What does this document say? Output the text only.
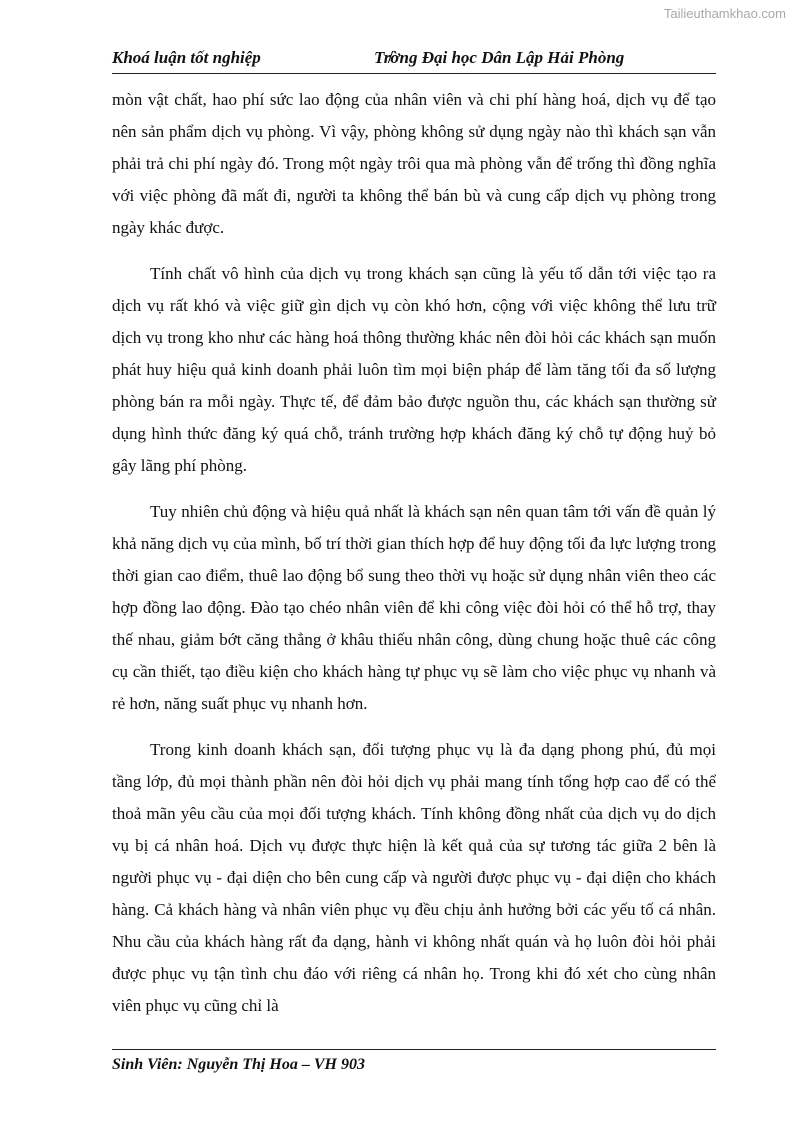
Tailieuthamkhao.com
Khoá luận tốt nghiệp	Tr̸ờng Đại học Dân Lập Hải Phòng

mòn vật chất, hao phí sức lao động của nhân viên và chi phí hàng hoá, dịch vụ để tạo nên sản phẩm dịch vụ phòng. Vì vậy, phòng không sử dụng ngày nào thì khách sạn vẫn phải trả chi phí ngày đó. Trong một ngày trôi qua mà phòng vẫn để trống thì đồng nghĩa với việc phòng đã mất đi, người ta không thể bán bù và cung cấp dịch vụ phòng trong ngày khác được.

Tính chất vô hình của dịch vụ trong khách sạn cũng là yếu tố dẫn tới việc tạo ra dịch vụ rất khó và việc giữ gìn dịch vụ còn khó hơn, cộng với việc không thể lưu trữ dịch vụ trong kho như các hàng hoá thông thường khác nên đòi hỏi các khách sạn muốn phát huy hiệu quả kinh doanh phải luôn tìm mọi biện pháp để làm tăng tối đa số lượng phòng bán ra mỗi ngày. Thực tế, để đảm bảo được nguồn thu, các khách sạn thường sử dụng hình thức đăng ký quá chỗ, tránh trường hợp khách đăng ký chỗ tự động huỷ bỏ gây lãng phí phòng.

Tuy nhiên chủ động và hiệu quả nhất là khách sạn nên quan tâm tới vấn đề quản lý khả năng dịch vụ của mình, bố trí thời gian thích hợp để huy động tối đa lực lượng trong thời gian cao điểm, thuê lao động bổ sung theo thời vụ hoặc sử dụng nhân viên theo các hợp đồng lao động. Đào tạo chéo nhân viên để khi công việc đòi hỏi có thể hỗ trợ, thay thế nhau, giảm bớt căng thẳng ở khâu thiếu nhân công, dùng chung hoặc thuê các công cụ cần thiết, tạo điều kiện cho khách hàng tự phục vụ sẽ làm cho việc phục vụ nhanh và rẻ hơn, năng suất phục vụ nhanh hơn.

Trong kinh doanh khách sạn, đối tượng phục vụ là đa dạng phong phú, đủ mọi tầng lớp, đủ mọi thành phần nên đòi hỏi dịch vụ phải mang tính tổng hợp cao để có thể thoả mãn yêu cầu của mọi đối tượng khách. Tính không đồng nhất của dịch vụ do dịch vụ bị cá nhân hoá. Dịch vụ được thực hiện là kết quả của sự tương tác giữa 2 bên là người phục vụ - đại diện cho bên cung cấp và người được phục vụ - đại diện cho khách hàng. Cả khách hàng và nhân viên phục vụ đều chịu ảnh hưởng bởi các yếu tố cá nhân. Nhu cầu của khách hàng rất đa dạng, hành vi không nhất quán và họ luôn đòi hỏi phải được phục vụ tận tình chu đáo với riêng cá nhân họ. Trong khi đó xét cho cùng nhân viên phục vụ cũng chỉ là

Sinh Viên: Nguyễn Thị Hoa – VH 903
